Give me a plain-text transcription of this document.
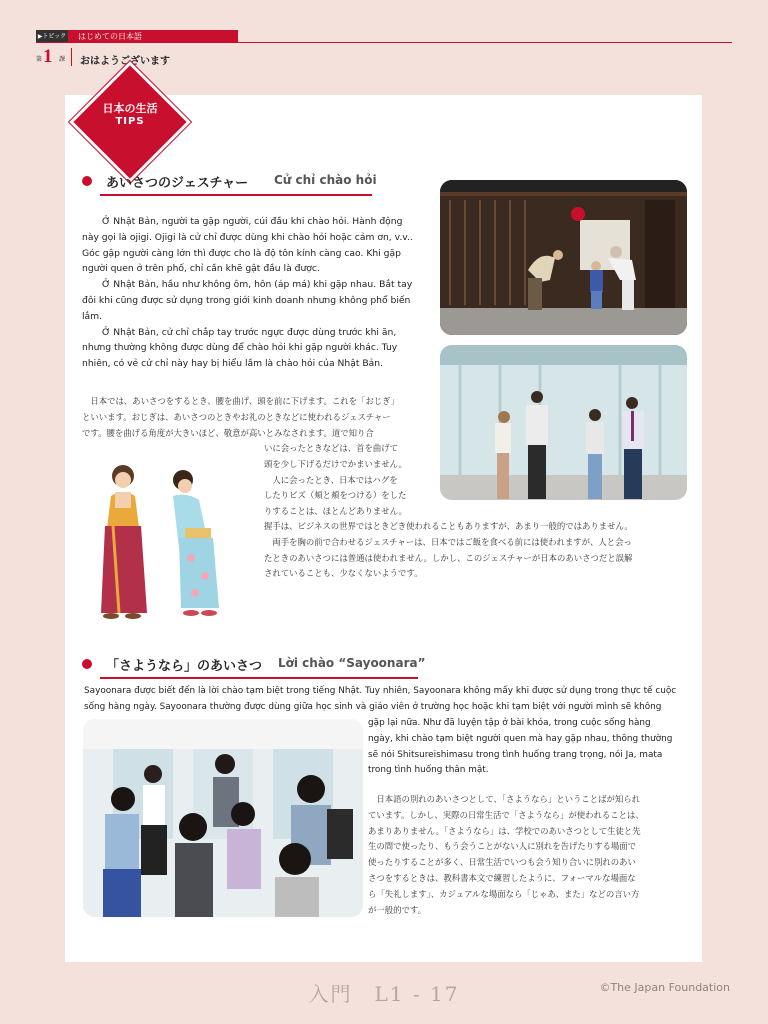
▶トピック	はじめての日本語
第 1 課 おはようございます
日本の生活
TIPS
あいさつのジェスチャー Cử chỉ chào hỏi

Ở Nhật Bản, người ta gặp người, cúi đầu khi chào hỏi. Hành động này gọi là ojigi. Ojigi là cử chỉ được dùng khi chào hỏi hoặc cảm ơn, v.v.. Góc gập người càng lớn thì được cho là độ tôn kính càng cao. Khi gặp người quen ở trên phố, chỉ cần khẽ gật đầu là được.

Ở Nhật Bản, hầu như không ôm, hôn (áp má) khi gặp nhau. Bắt tay đôi khi cũng được sử dụng trong giới kinh doanh nhưng không phổ biến lắm.

Ở Nhật Bản, cử chỉ chắp tay trước ngực được dùng trước khi ăn, nhưng thường không được dùng để chào hỏi khi gặp người khác. Tuy nhiên, có vẻ cử chỉ này hay bị hiểu lầm là chào hỏi của Nhật Bản.

　日本では、あいさつをするとき、腰を曲げ、頭を前に下げます。これを「おじぎ」

といいます。おじぎは、あいさつのときやお礼のときなどに使われるジェスチャー

です。腰を曲げる角度が大きいほど、敬意が高いとみなされます。道で知り合

いに会ったときなどは、首を曲げて

頭を少し下げるだけでかまいません。

　人に会ったとき、日本ではハグを

したりビズ（頬と頬をつける）をした

りすることは、ほとんどありません。

握手は、ビジネスの世界ではときどき使われることもありますが、あまり一般的ではありません。

　両手を胸の前で合わせるジェスチャーは、日本ではご飯を食べる前には使われますが、人と会っ

たときのあいさつには普通は使われません。しかし、このジェスチャーが日本のあいさつだと誤解

されていることも、少なくないようです。

「さようなら」のあいさつ Lời chào “Sayoonara”
Sayoonara được biết đến là lời chào tạm biệt trong tiếng Nhật. Tuy nhiên, Sayoonara không mấy khi được sử dụng trong thực tế cuộc
sống hàng ngày. Sayoonara thường được dùng giữa học sinh và giáo viên ở trường học hoặc khi tạm biệt với người mình sẽ không
gặp lại nữa. Như đã luyện tập ở bài khóa, trong cuộc sống hàng
ngày, khi chào tạm biệt người quen mà hay gặp nhau, thông thường
sẽ nói Shitsureishimasu trong tình huống trang trọng, nói Ja, mata
trong tình huống thân mật.

　日本語の別れのあいさつとして、「さようなら」ということばが知られ

ています。しかし、実際の日常生活で「さようなら」が使われることは、

あまりありません。「さようなら」は、学校でのあいさつとして生徒と先

生の間で使ったり、もう会うことがない人に別れを告げたりする場面で

使ったりすることが多く、日常生活でいつも会う知り合いに別れのあい

さつをするときは、教科書本文で練習したように、フォーマルな場面な

ら「失礼します」、カジュアルな場面なら「じゃあ、また」などの言い方

が一般的です。

入門　L1 - 17	©The Japan Foundation
